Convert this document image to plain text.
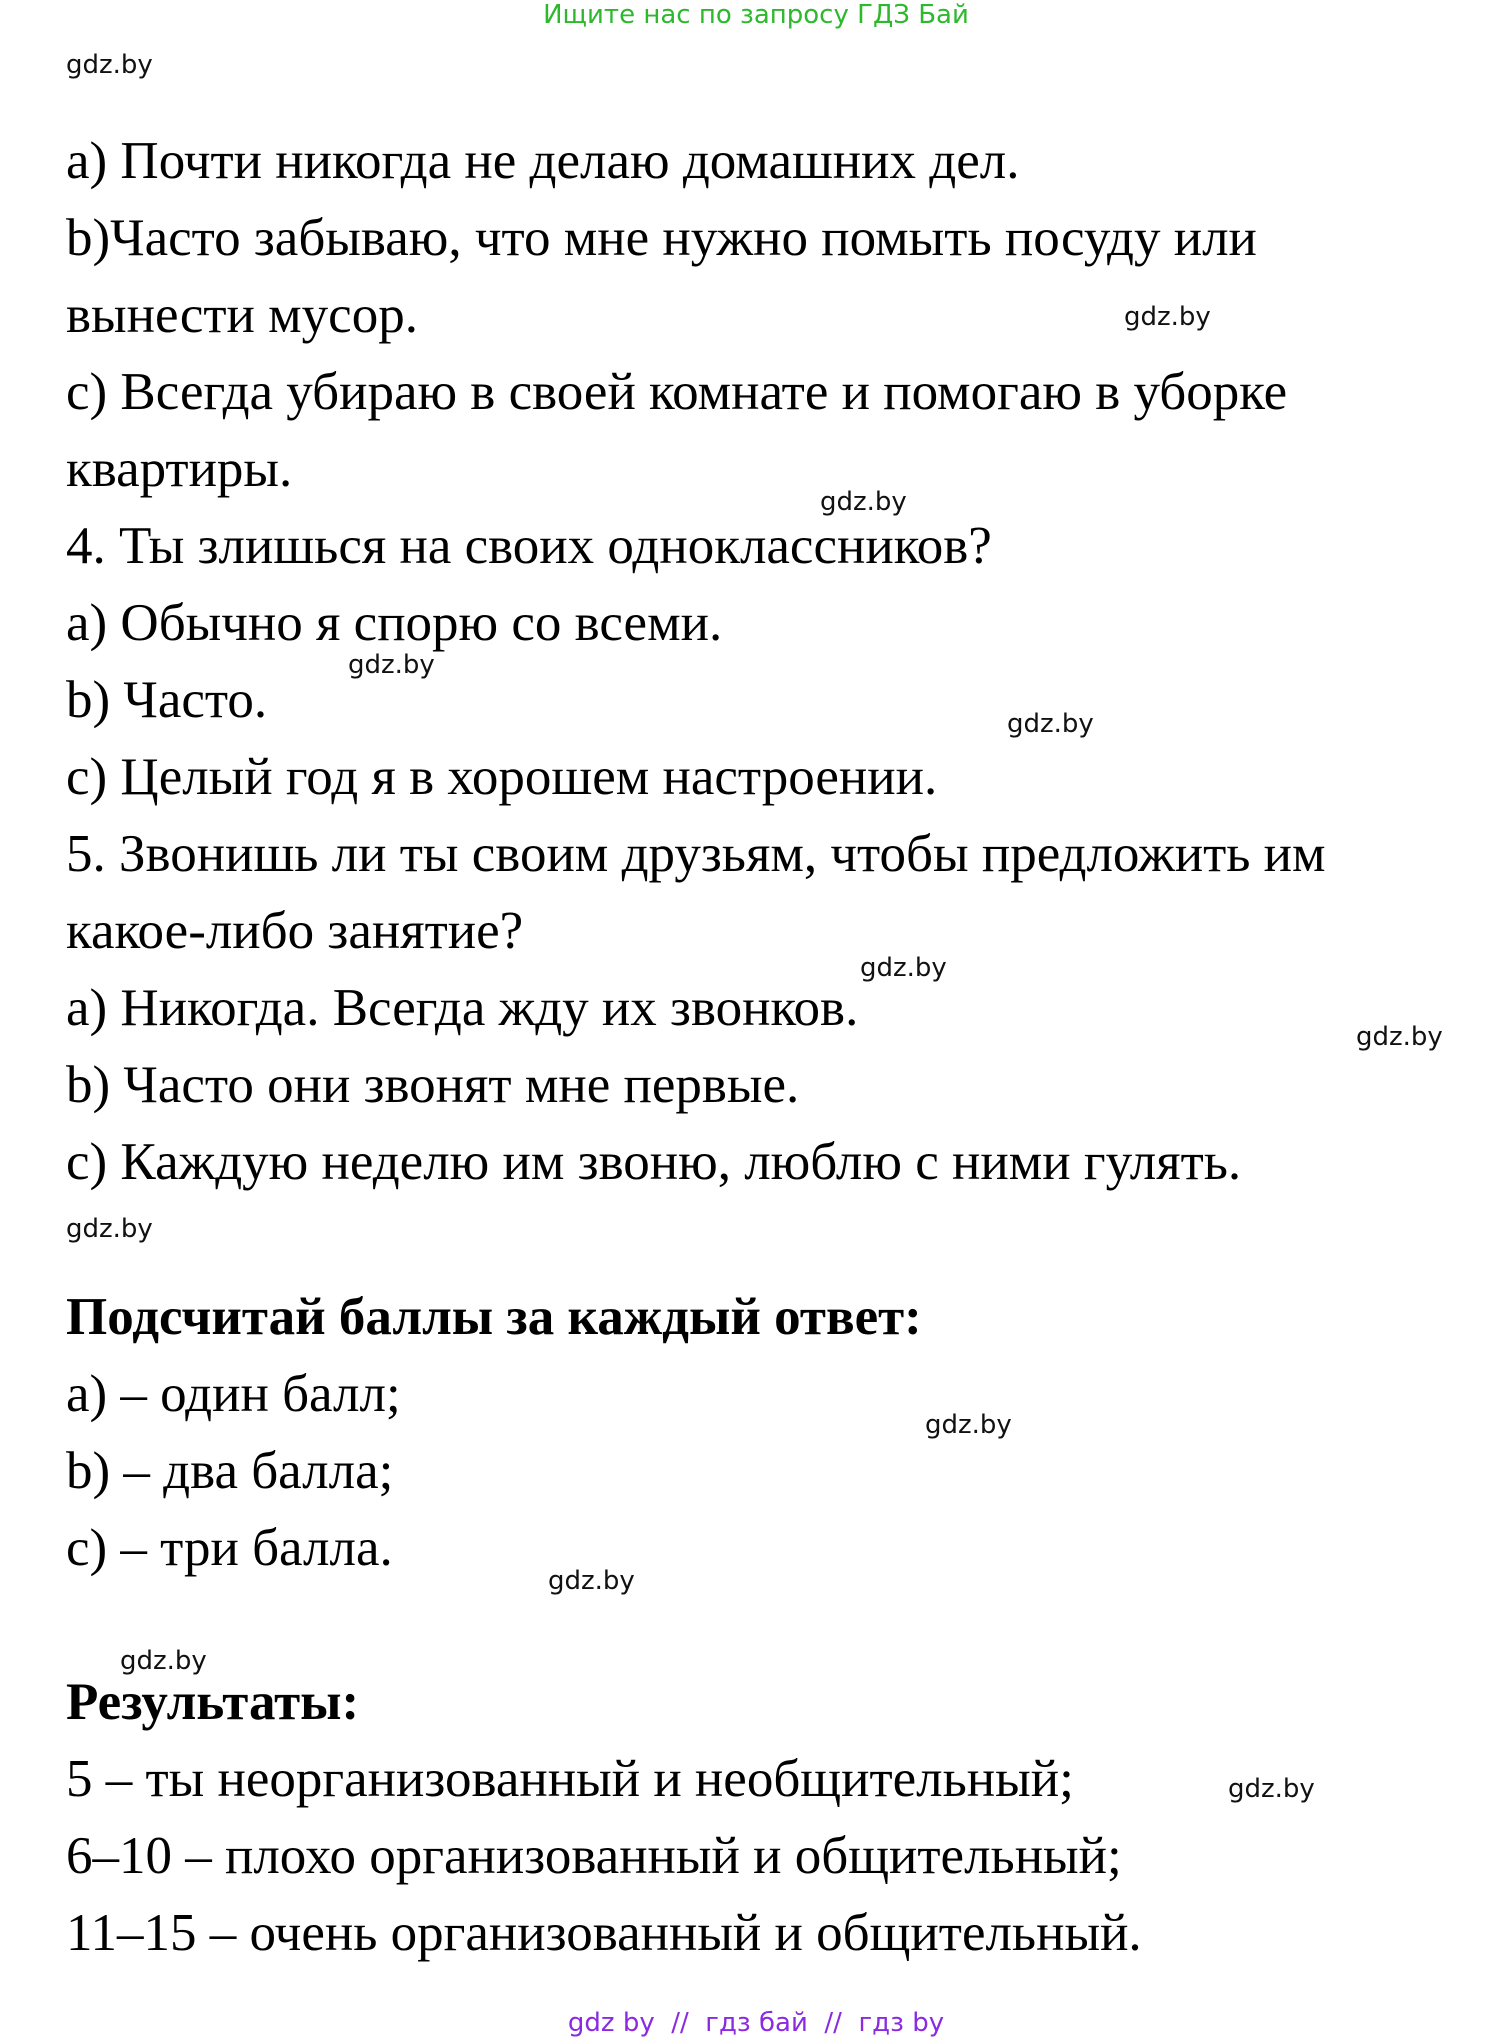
Ищите нас по запросу ГДЗ Бай
gdz.by
a) Почти никогда не делаю домашних дел.
b)Часто забываю, что мне нужно помыть посуду или
вынести мусор.	gdz.by
c) Всегда убираю в своей комнате и помогаю в уборке
квартиры.
gdz.by
4. Ты злишься на своих одноклассников?
a) Обычно я спорю со всеми.
gdz.by
b) Часто.	gdz.by
c) Целый год я в хорошем настроении.
5. Звонишь ли ты своим друзьям, чтобы предложить им
какое-либо занятие?
gdz.by
a) Никогда. Всегда жду их звонков.	gdz.by
b) Часто они звонят мне первые.
c) Каждую неделю им звоню, люблю с ними гулять.
gdz.by
Подсчитай баллы за каждый ответ:
a) – один балл;
gdz.by
b) – два балла;
c) – три балла.
gdz.by
gdz.by
Результаты:
5 – ты неорганизованный и необщительный;	gdz.by
6–10 – плохо организованный и общительный;
11–15 – очень организованный и общительный.
gdz by  //  гдз бай  //  гдз by
